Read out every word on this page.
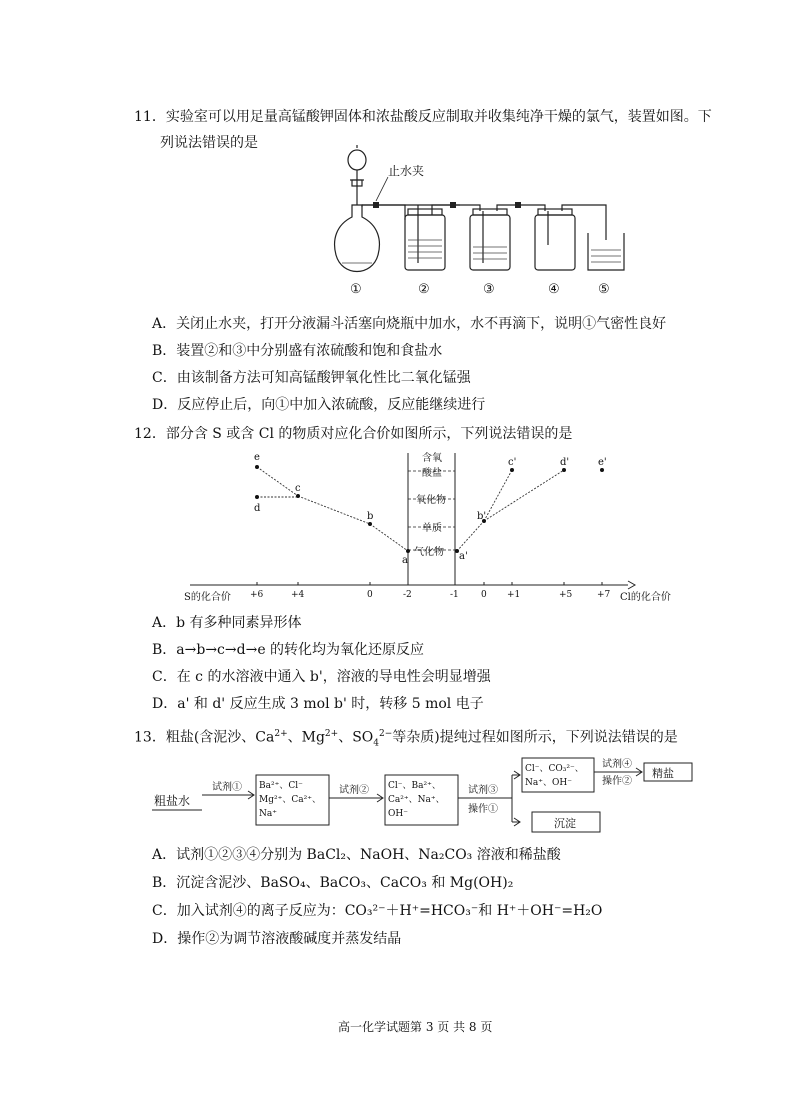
11．实验室可以用足量高锰酸钾固体和浓盐酸反应制取并收集纯净干燥的氯气，装置如图。下
列说法错误的是
止水夹
①	②	③	④	⑤
A．关闭止水夹，打开分液漏斗活塞向烧瓶中加水，水不再滴下，说明①气密性良好
B．装置②和③中分别盛有浓硫酸和饱和食盐水
C．由该制备方法可知高锰酸钾氧化性比二氧化锰强
D．反应停止后，向①中加入浓硫酸，反应能继续进行
12．部分含 S 或含 Cl 的物质对应化合价如图所示，下列说法错误的是
e
d
c
b
a	a'
b'
c'	d'	e'
含氧
酸盐
氧化物
单质
气化物
+6	+4	0	-2	-1 0 +1	+5	+7
S的化合价	Cl的化合价
A．b 有多种同素异形体
B．a→b→c→d→e 的转化均为氧化还原反应
C．在 c 的水溶液中通入 b'，溶液的导电性会明显增强
D．a' 和 d' 反应生成 3 mol b' 时，转移 5 mol 电子
13．粗盐(含泥沙、$Ca^{2+}$、$Mg^{2+}$、$SO_4^{2-}$等杂质)提纯过程如图所示，下列说法错误的是
粗盐水
试剂① Ba²⁺、Cl⁻
Mg²⁺、Ca²⁺、
Na⁺
试剂② Cl⁻、Ba²⁺、
Ca²⁺、Na⁺、
OH⁻
试剂③
操作①
Cl⁻、CO₃²⁻、
Na⁺、OH⁻
试剂④
操作②
精盐
沉淀
A．试剂①②③④分别为 BaCl₂、NaOH、Na₂CO₃ 溶液和稀盐酸
B．沉淀含泥沙、BaSO₄、BaCO₃、CaCO₃ 和 Mg(OH)₂
C．加入试剂④的离子反应为：CO₃²⁻＋H⁺=HCO₃⁻和 H⁺＋OH⁻=H₂O
D．操作②为调节溶液酸碱度并蒸发结晶
高一化学试题第 3 页 共 8 页
